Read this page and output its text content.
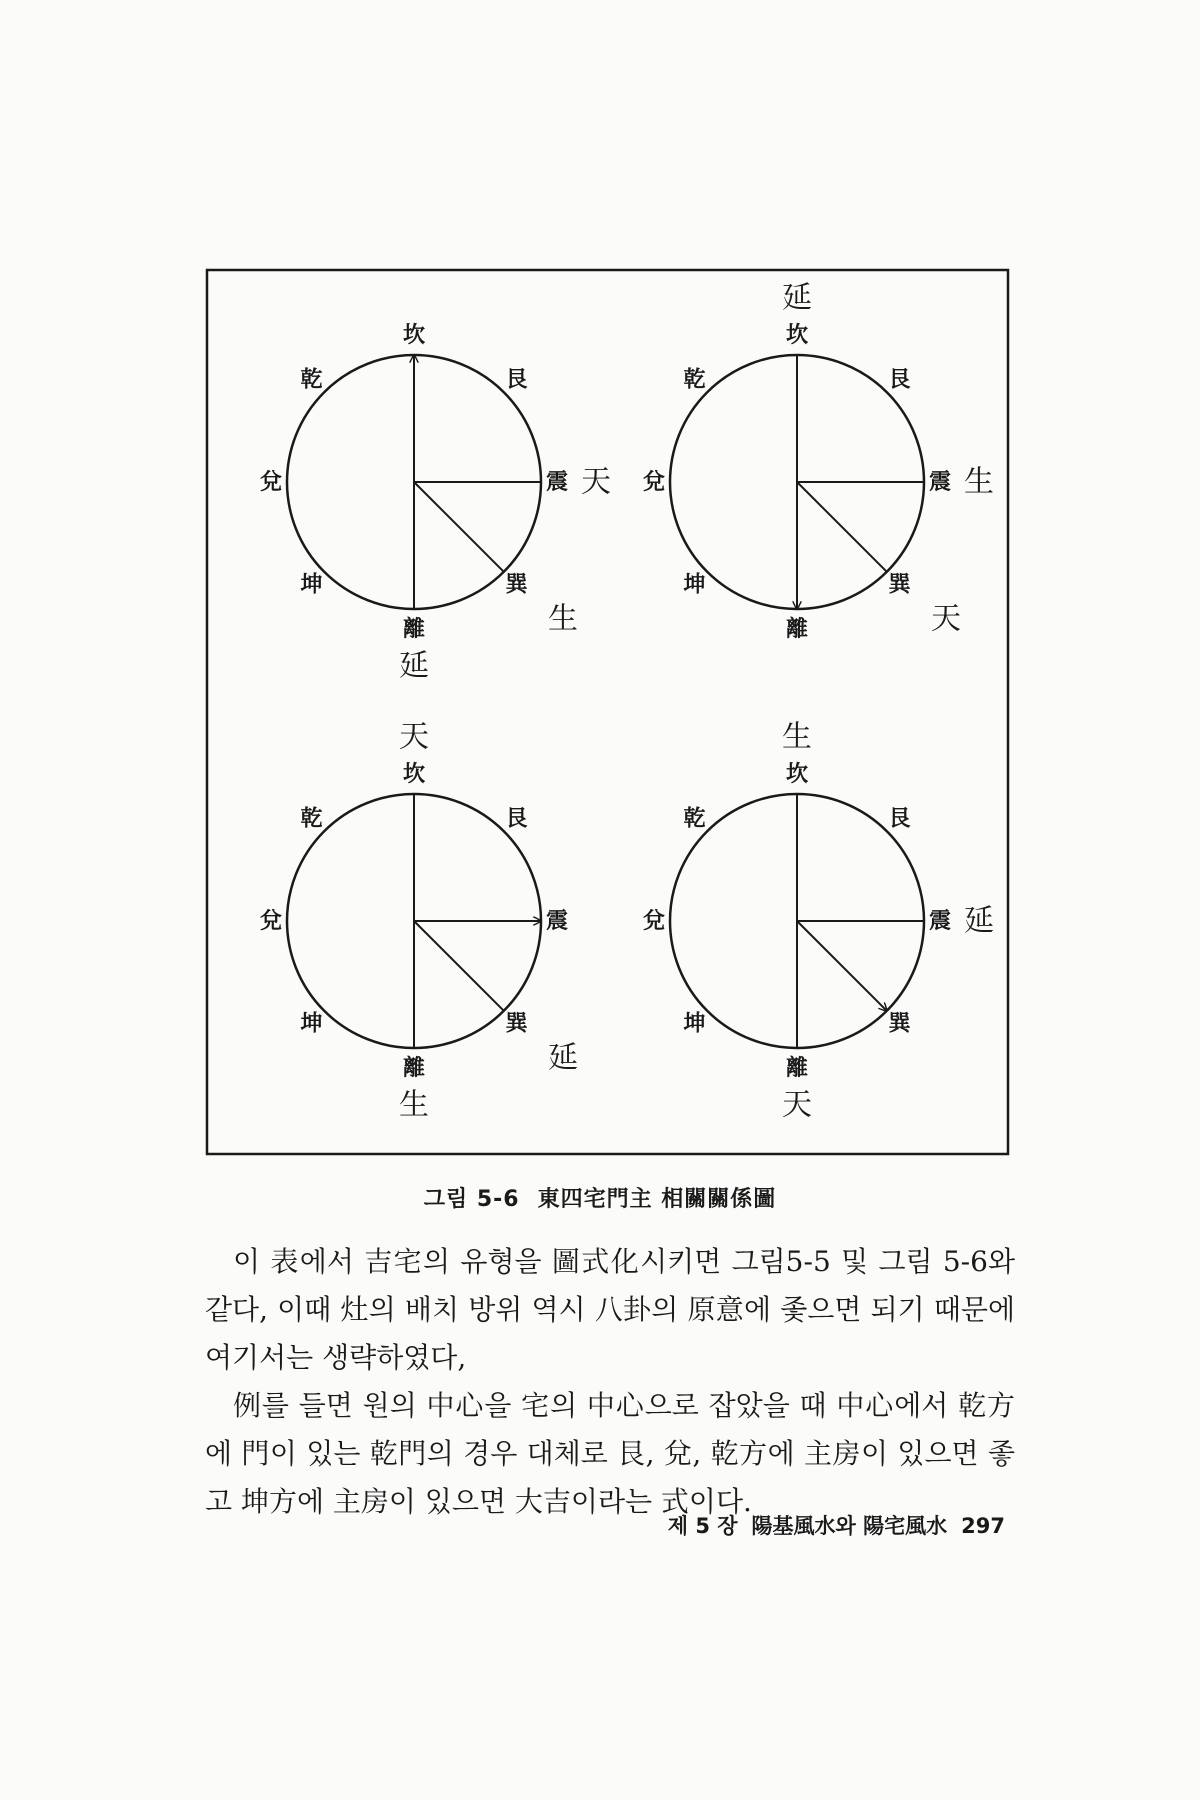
坎
艮
震
巽
離
坤
兌
乾
天
生
延
坎
艮
震
巽
離
坤
兌
乾
延
生
天
坎
艮
震
巽
離
坤
兌
乾
天
延
生
坎
艮
震
巽
離
坤
兌
乾
生
延
天
그림 5-6 東四宅門主 相關關係圖

이 表에서 吉宅의 유형을 圖式化시키면 그림5-5 및 그림 5-6와 같다, 이때 灶의 배치 방위 역시 八卦의 原意에 좇으면 되기 때문에 여기서는 생략하였다,

例를 들면 원의 中心을 宅의 中心으로 잡았을 때 中心에서 乾方에 門이 있는 乾門의 경우 대체로 艮, 兌, 乾方에 主房이 있으면 좋고 坤方에 主房이 있으면 大吉이라는 式이다.

제 5 장 陽基風水와 陽宅風水 297
